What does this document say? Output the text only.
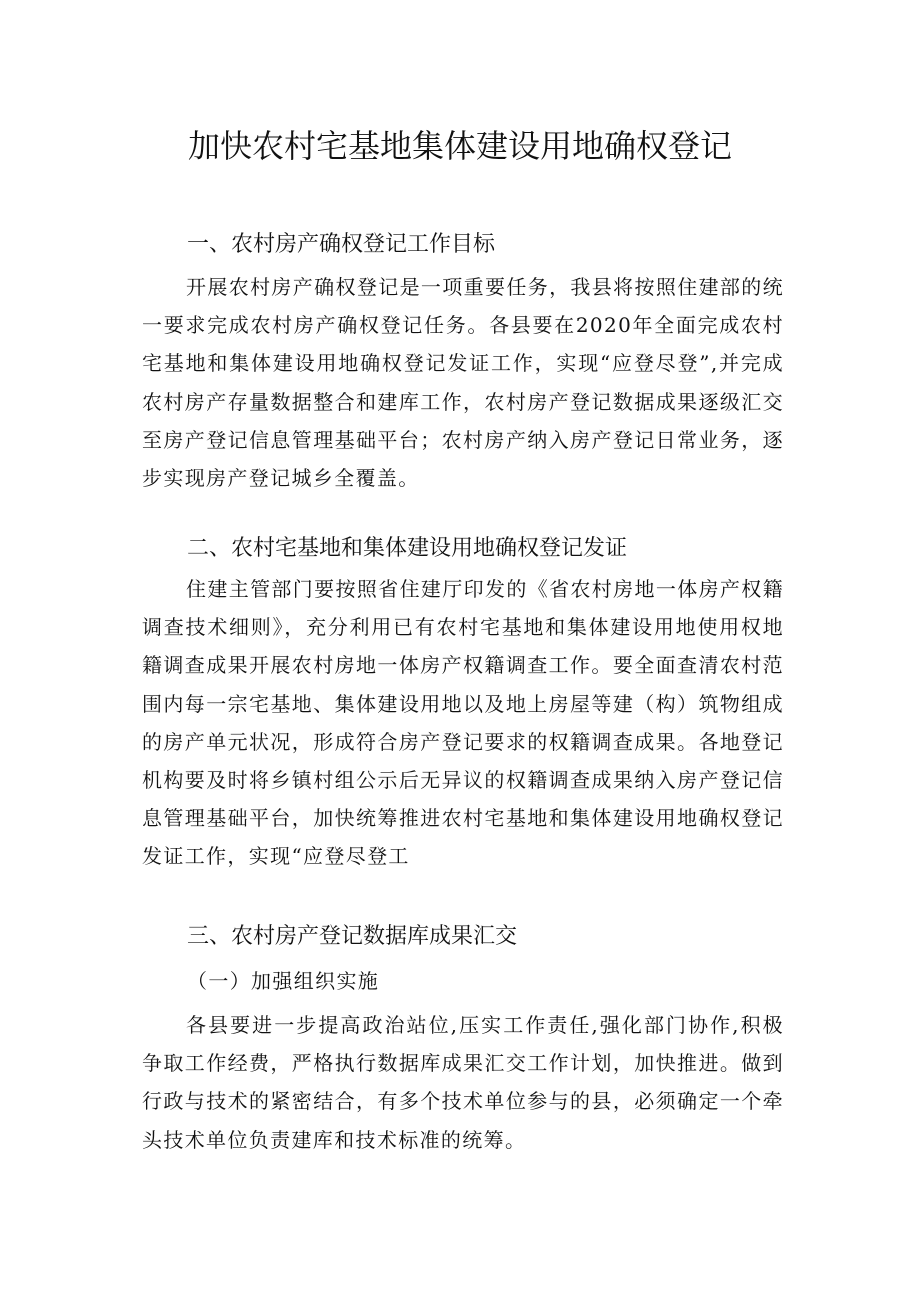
加快农村宅基地集体建设用地确权登记
一、农村房产确权登记工作目标
开展农村房产确权登记是一项重要任务，我县将按照住建部的统一要求完成农村房产确权登记任务。各县要在2020年全面完成农村宅基地和集体建设用地确权登记发证工作，实现“应登尽登”,并完成农村房产存量数据整合和建库工作，农村房产登记数据成果逐级汇交至房产登记信息管理基础平台；农村房产纳入房产登记日常业务，逐步实现房产登记城乡全覆盖。
二、农村宅基地和集体建设用地确权登记发证
住建主管部门要按照省住建厅印发的《省农村房地一体房产权籍调查技术细则》，充分利用已有农村宅基地和集体建设用地使用权地籍调查成果开展农村房地一体房产权籍调查工作。要全面查清农村范围内每一宗宅基地、集体建设用地以及地上房屋等建（构）筑物组成的房产单元状况，形成符合房产登记要求的权籍调查成果。各地登记机构要及时将乡镇村组公示后无异议的权籍调查成果纳入房产登记信息管理基础平台，加快统筹推进农村宅基地和集体建设用地确权登记发证工作，实现“应登尽登工
三、农村房产登记数据库成果汇交
（一）加强组织实施
各县要进一步提高政治站位,压实工作责任,强化部门协作,积极争取工作经费，严格执行数据库成果汇交工作计划，加快推进。做到行政与技术的紧密结合，有多个技术单位参与的县，必须确定一个牵头技术单位负责建库和技术标准的统筹。
